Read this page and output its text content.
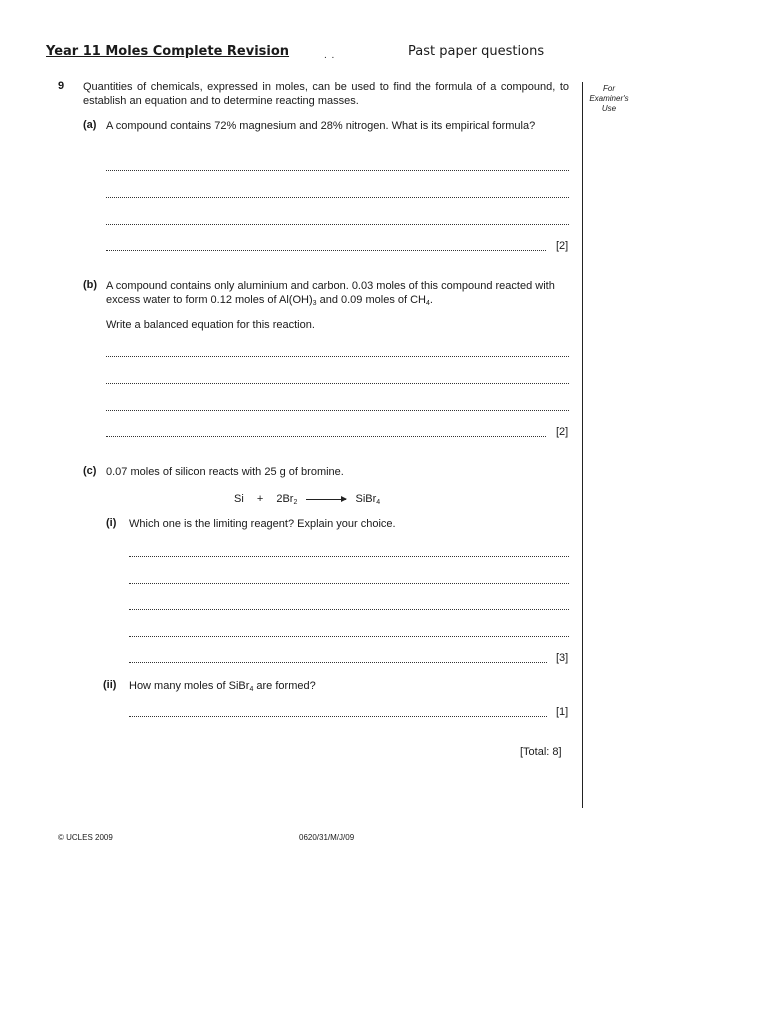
Year 11 Moles Complete Revision	. .	Past paper questions
For Examiner's Use
9 Quantities of chemicals, expressed in moles, can be used to find the formula of a compound, to establish an equation and to determine reacting masses.
(a) A compound contains 72% magnesium and 28% nitrogen. What is its empirical formula?
[2]
(b) A compound contains only aluminium and carbon. 0.03 moles of this compound reacted with excess water to form 0.12 moles of $Al(OH)_3$ and 0.09 moles of $CH_4$.
Write a balanced equation for this reaction.
[2]
(c) 0.07 moles of silicon reacts with 25 g of bromine.
$Si + 2Br_2$ → SiBr$_4$
(i) Which one is the limiting reagent? Explain your choice.
[3]
(ii) How many moles of SiBr$_4$ are formed?
[1]
[Total: 8]
© UCLES 2009	0620/31/M/J/09
